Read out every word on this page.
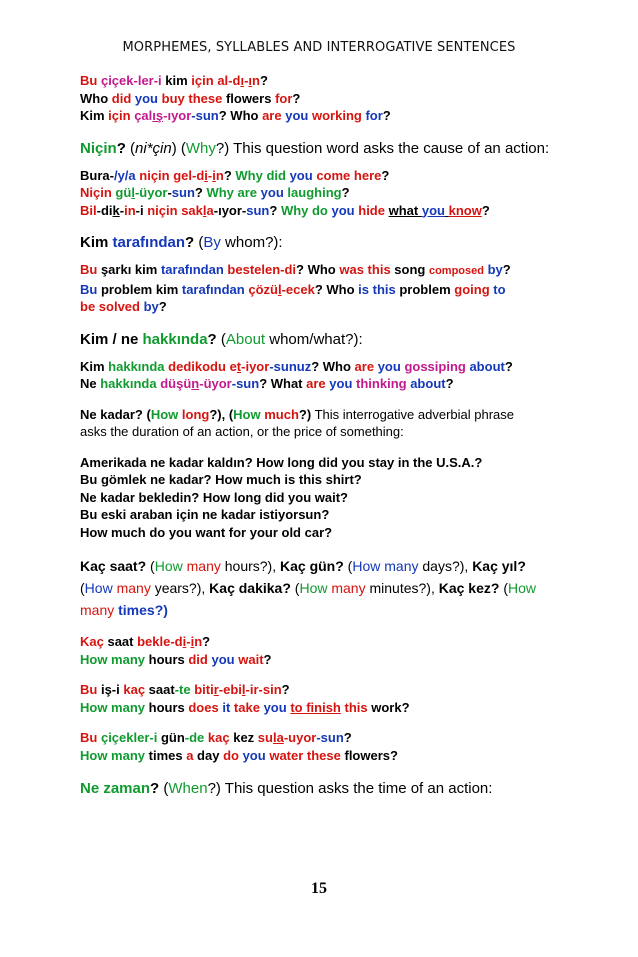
MORPHEMES, SYLLABLES AND INTERROGATIVE SENTENCES
Bu çiçek-ler-i kim için al-dı-ın?
Who did you buy these flowers for?
Kim için çalış-ıyor-sun? Who are you working for?
Niçin? (ni*çin) (Why?) This question word asks the cause of an action:
Bura-/y/a niçin gel-di-in? Why did you come here?
Niçin gül-üyor-sun? Why are you laughing?
Bil-dik-in-i niçin sakla-ıyor-sun? Why do you hide what you know?
Kim tarafından? (By whom?):
Bu şarkı kim tarafından bestelen-di? Who was this song composed by?
Bu problem kim tarafından çözül-ecek? Who is this problem going to
be solved by?
Kim / ne hakkında? (About whom/what?):
Kim hakkında dedikodu et-iyor-sunuz? Who are you gossiping about?
Ne hakkında düşün-üyor-sun? What are you thinking about?
Ne kadar? (How long?), (How much?) This interrogative adverbial phrase
asks the duration of an action, or the price of something:
Amerikada ne kadar kaldın? How long did you stay in the U.S.A.?
Bu gömlek ne kadar? How much is this shirt?
Ne kadar bekledin? How long did you wait?
Bu eski araban için ne kadar istiyorsun?
How much do you want for your old car?
Kaç saat? (How many hours?), Kaç gün? (How many days?), Kaç yıl?
(How many years?), Kaç dakika? (How many minutes?), Kaç kez? (How
many times?)
Kaç saat bekle-di-in?
How many hours did you wait?
Bu iş-i kaç saat-te bitir-ebil-ir-sin?
How many hours does it take you to finish this work?
Bu çiçekler-i gün-de kaç kez sula-uyor-sun?
How many times a day do you water these flowers?
Ne zaman? (When?) This question asks the time of an action:
15
